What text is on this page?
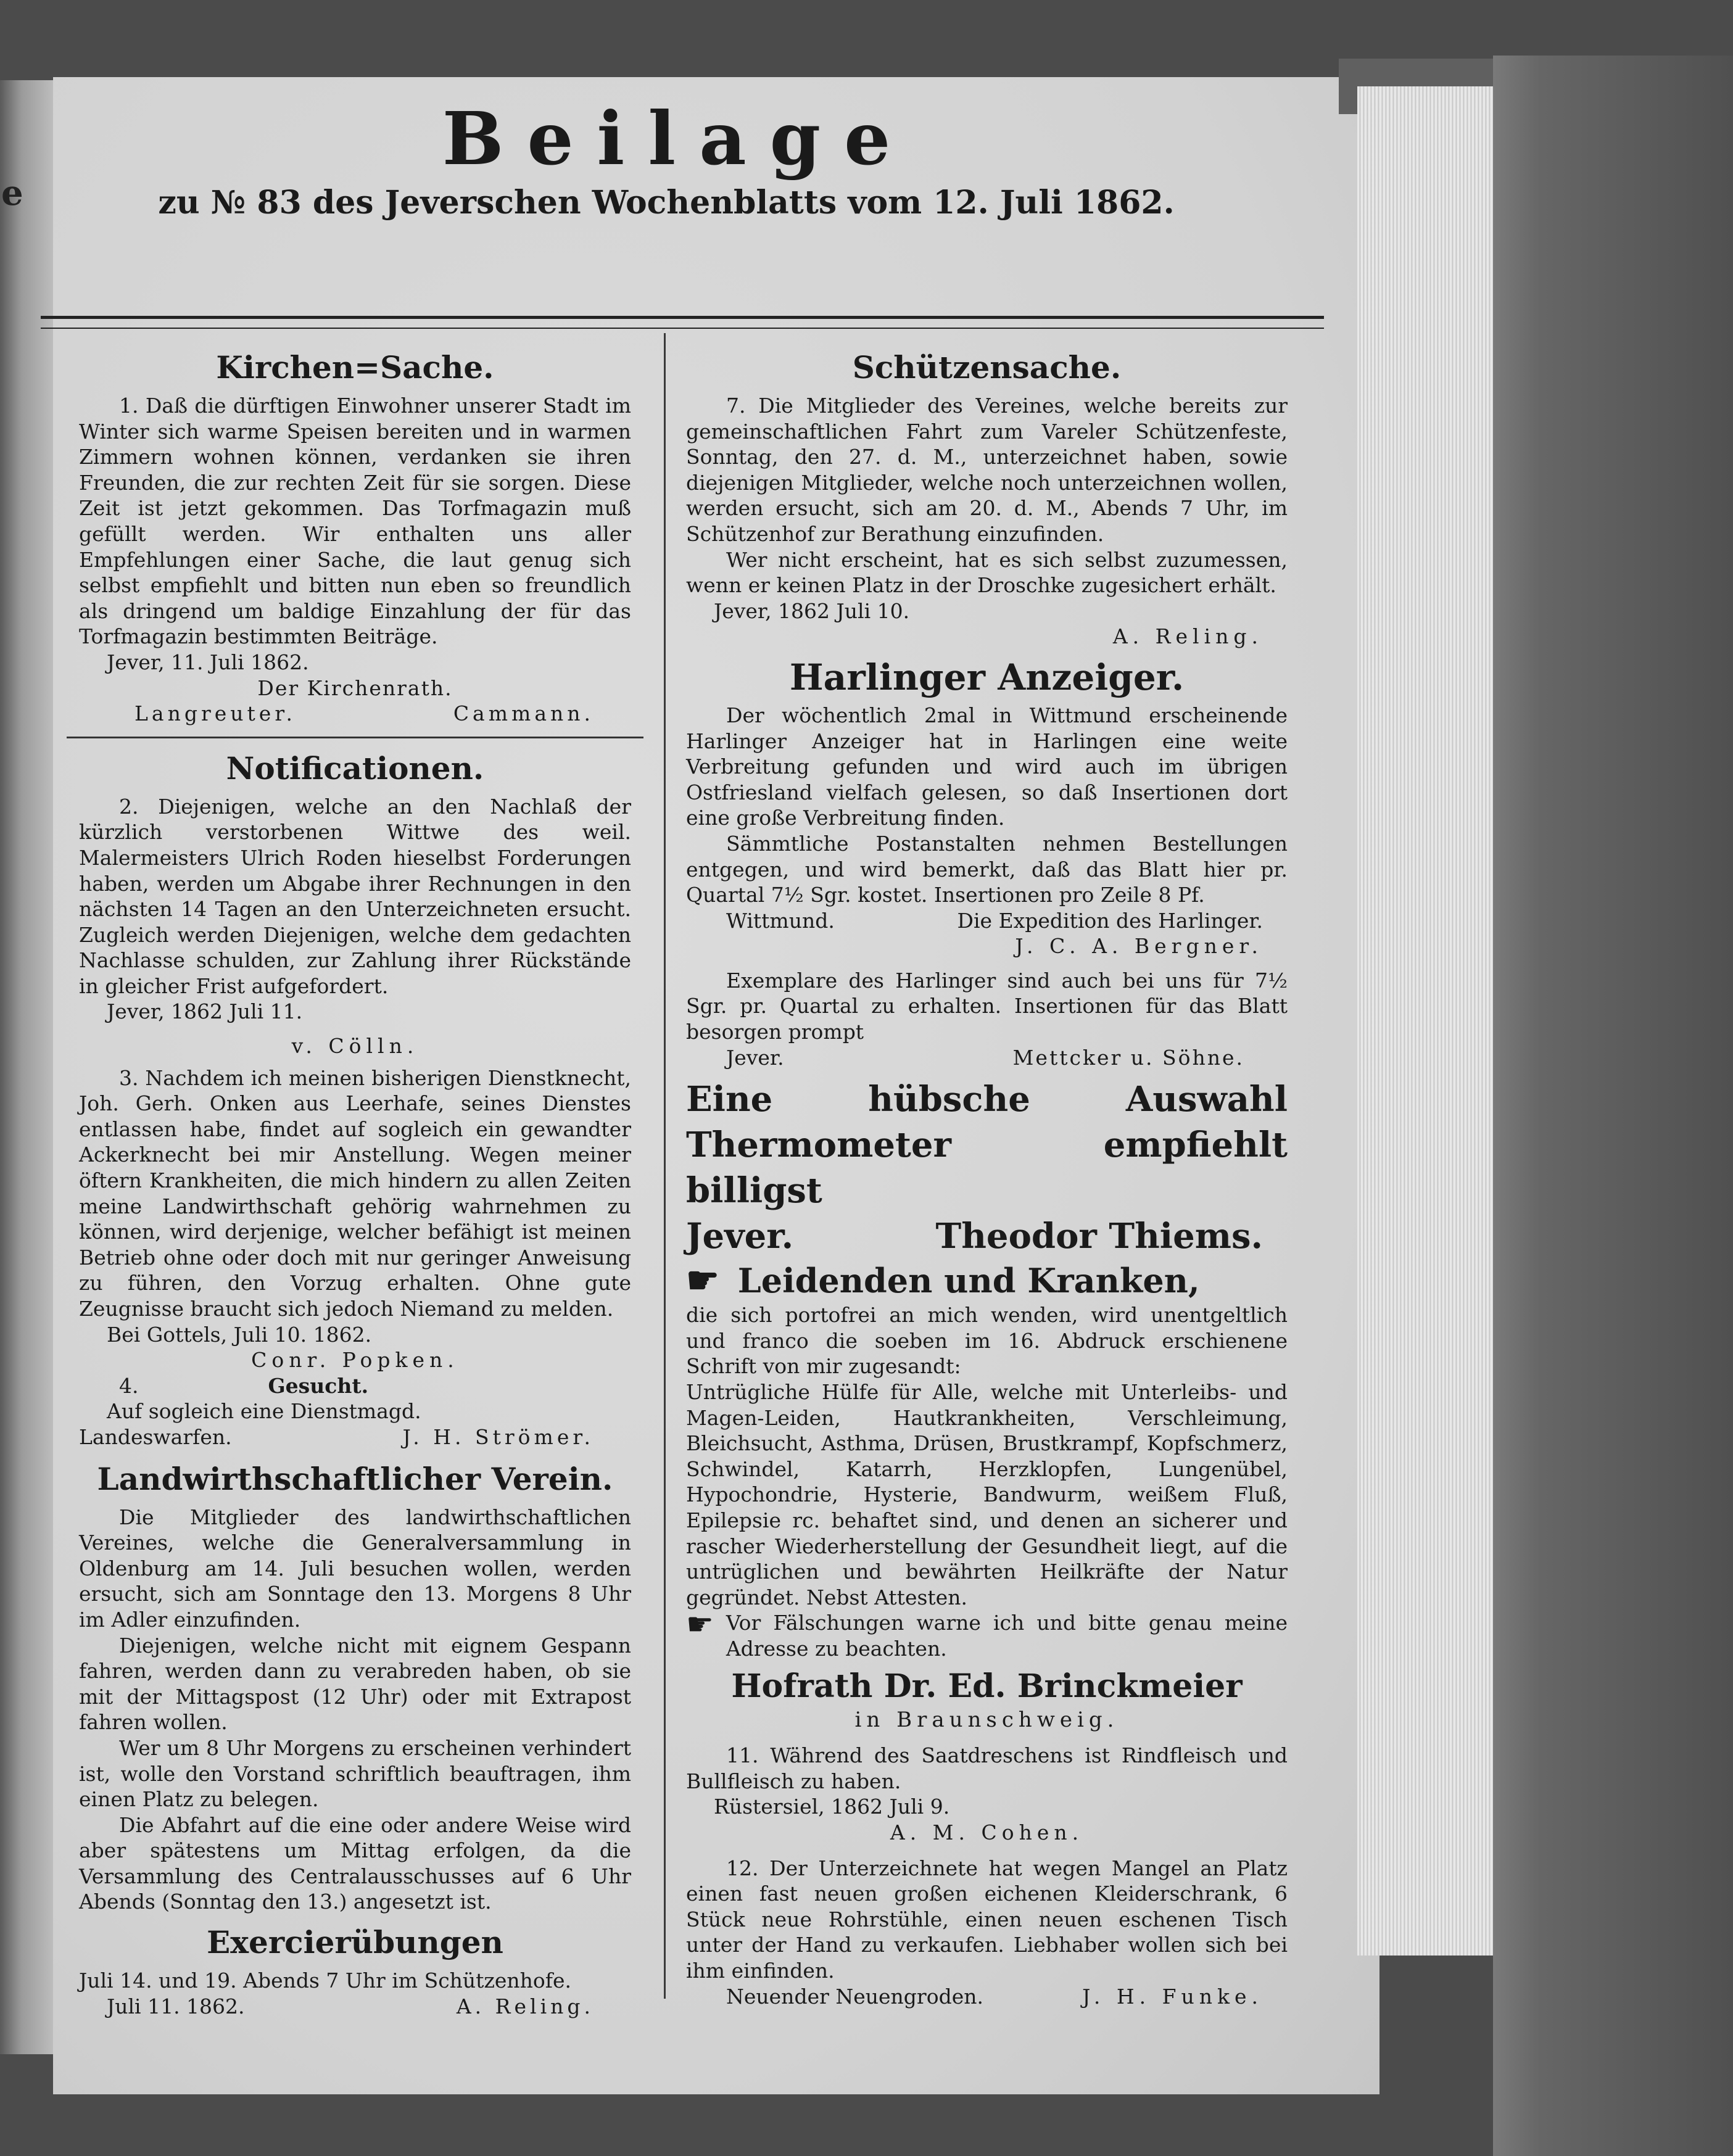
e
Beilage
zu № 83 des Jeverschen Wochenblatts vom 12. Juli 1862.
Kirchen=Sache.

1. Daß die dürftigen Einwohner unserer Stadt im Winter sich warme Speisen bereiten und in warmen Zimmern wohnen können, verdanken sie ihren Freunden, die zur rechten Zeit für sie sorgen. Diese Zeit ist jetzt gekommen. Das Torfmagazin muß gefüllt werden. Wir enthalten uns aller Empfehlungen einer Sache, die laut genug sich selbst empfiehlt und bitten nun eben so freundlich als dringend um baldige Einzahlung der für das Torfmagazin bestimmten Beiträge.

Jever, 11. Juli 1862.

Der Kirchenrath.
Langreuter.	Cammann.
Notificationen.

2. Diejenigen, welche an den Nachlaß der kürzlich verstorbenen Wittwe des weil. Malermeisters Ulrich Roden hieselbst Forderungen haben, werden um Abgabe ihrer Rechnungen in den nächsten 14 Tagen an den Unterzeichneten ersucht. Zugleich werden Diejenigen, welche dem gedachten Nachlasse schulden, zur Zahlung ihrer Rückstände in gleicher Frist aufgefordert.

Jever, 1862 Juli 11.

v. Cölln.

3. Nachdem ich meinen bisherigen Dienstknecht, Joh. Gerh. Onken aus Leerhafe, seines Dienstes entlassen habe, findet auf sogleich ein gewandter Ackerknecht bei mir Anstellung. Wegen meiner öftern Krankheiten, die mich hindern zu allen Zeiten meine Landwirthschaft gehörig wahrnehmen zu können, wird derjenige, welcher befähigt ist meinen Betrieb ohne oder doch mit nur geringer Anweisung zu führen, den Vorzug erhalten. Ohne gute Zeugnisse braucht sich jedoch Niemand zu melden.

Bei Gottels, Juli 10. 1862.

Conr. Popken.
4.	Gesucht.

Auf sogleich eine Dienstmagd.

Landeswarfen.	J. H. Strömer.
Landwirthschaftlicher Verein.

Die Mitglieder des landwirthschaftlichen Vereines, welche die Generalversammlung in Oldenburg am 14. Juli besuchen wollen, werden ersucht, sich am Sonntage den 13. Morgens 8 Uhr im Adler einzufinden.

Diejenigen, welche nicht mit eignem Gespann fahren, werden dann zu verabreden haben, ob sie mit der Mittagspost (12 Uhr) oder mit Extrapost fahren wollen.

Wer um 8 Uhr Morgens zu erscheinen verhindert ist, wolle den Vorstand schriftlich beauftragen, ihm einen Platz zu belegen.

Die Abfahrt auf die eine oder andere Weise wird aber spätestens um Mittag erfolgen, da die Versammlung des Centralausschusses auf 6 Uhr Abends (Sonntag den 13.) angesetzt ist.

Exercierübungen

Juli 14. und 19. Abends 7 Uhr im Schützenhofe.

Juli 11. 1862.	A. Reling.
Schützensache.

7. Die Mitglieder des Vereines, welche bereits zur gemeinschaftlichen Fahrt zum Vareler Schützenfeste, Sonntag, den 27. d. M., unterzeichnet haben, sowie diejenigen Mitglieder, welche noch unterzeichnen wollen, werden ersucht, sich am 20. d. M., Abends 7 Uhr, im Schützenhof zur Berathung einzufinden.

Wer nicht erscheint, hat es sich selbst zuzumessen, wenn er keinen Platz in der Droschke zugesichert erhält.

Jever, 1862 Juli 10.

A. Reling.
Harlinger Anzeiger.

Der wöchentlich 2mal in Wittmund erscheinende Harlinger Anzeiger hat in Harlingen eine weite Verbreitung gefunden und wird auch im übrigen Ostfriesland vielfach gelesen, so daß Insertionen dort eine große Verbreitung finden.

Sämmtliche Postanstalten nehmen Bestellungen entgegen, und wird bemerkt, daß das Blatt hier pr. Quartal 7½ Sgr. kostet. Insertionen pro Zeile 8 Pf.

Wittmund.	Die Expedition des Harlinger.
J. C. A. Bergner.

Exemplare des Harlinger sind auch bei uns für 7½ Sgr. pr. Quartal zu erhalten. Insertionen für das Blatt besorgen prompt

Jever.	Mettcker u. Söhne.
Eine hübsche Auswahl Thermometer empfiehlt billigst
Jever.	Theodor Thiems.
☛ Leidenden und Kranken,

die sich portofrei an mich wenden, wird unentgeltlich und franco die soeben im 16. Abdruck erschienene Schrift von mir zugesandt:

Untrügliche Hülfe für Alle, welche mit Unterleibs- und Magen-Leiden, Hautkrankheiten, Verschleimung, Bleichsucht, Asthma, Drüsen, Brustkrampf, Kopfschmerz, Schwindel, Katarrh, Herzklopfen, Lungenübel, Hypochondrie, Hysterie, Bandwurm, weißem Fluß, Epilepsie rc. behaftet sind, und denen an sicherer und rascher Wiederherstellung der Gesundheit liegt, auf die untrüglichen und bewährten Heilkräfte der Natur gegründet. Nebst Attesten.

☛ Vor Fälschungen warne ich und bitte genau meine Adresse zu beachten.

Hofrath Dr. Ed. Brinckmeier
in Braunschweig.

11. Während des Saatdreschens ist Rindfleisch und Bullfleisch zu haben.

Rüstersiel, 1862 Juli 9.

A. M. Cohen.

12. Der Unterzeichnete hat wegen Mangel an Platz einen fast neuen großen eichenen Kleiderschrank, 6 Stück neue Rohrstühle, einen neuen eschenen Tisch unter der Hand zu verkaufen. Liebhaber wollen sich bei ihm einfinden.

Neuender Neuengroden.	J. H. Funke.
